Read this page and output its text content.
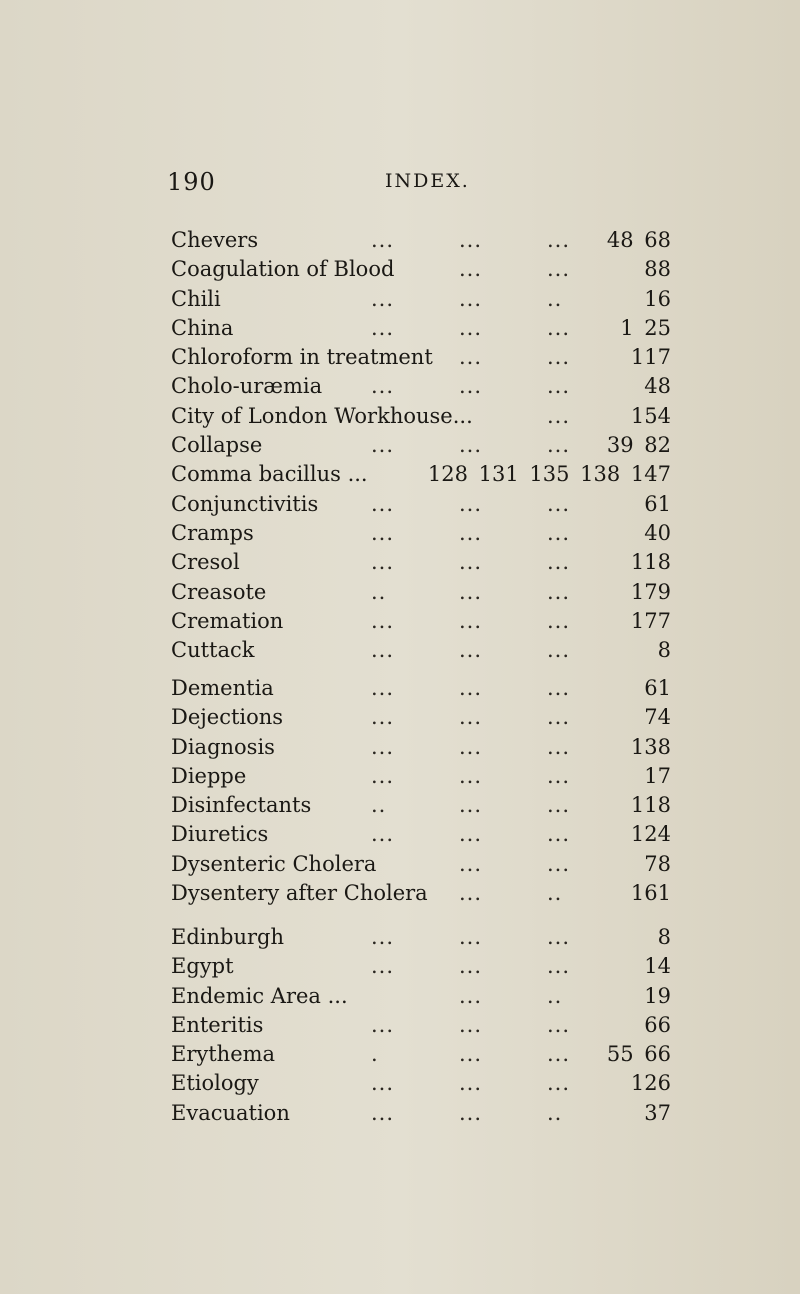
190	INDEX.
Chevers	...	...	... 48 68
Coagulation of Blood	...	...	88
Chili	...	...	..	16
China	...	...	... 1 25
Chloroform in treatment ...	...	117
Cholo-uræmia ...	...	...	48
City of London Workhouse...	...	154
Collapse	...	...	... 39 82
Comma bacillus ...	128 131 135 138 147
Conjunctivitis	...	...	...	61
Cramps	...	...	...	40
Cresol	...	...	...	118
Creasote	..	...	...	179
Cremation	...	...	...	177
Cuttack	...	...	...	8
Dementia	...	...	...	61
Dejections	...	...	...	74
Diagnosis	...	...	...	138
Dieppe	...	...	...	17
Disinfectants	..	...	...	118
Diuretics	...	...	...	124
Dysenteric Cholera	...	...	78
Dysentery after Cholera ...	..	161
Edinburgh	...	...	...	8
Egypt	...	...	...	14
Endemic Area ...	...	..	19
Enteritis	...	...	...	66
Erythema	.	...	... 55 66
Etiology	...	...	...	126
Evacuation	...	...	..	37
